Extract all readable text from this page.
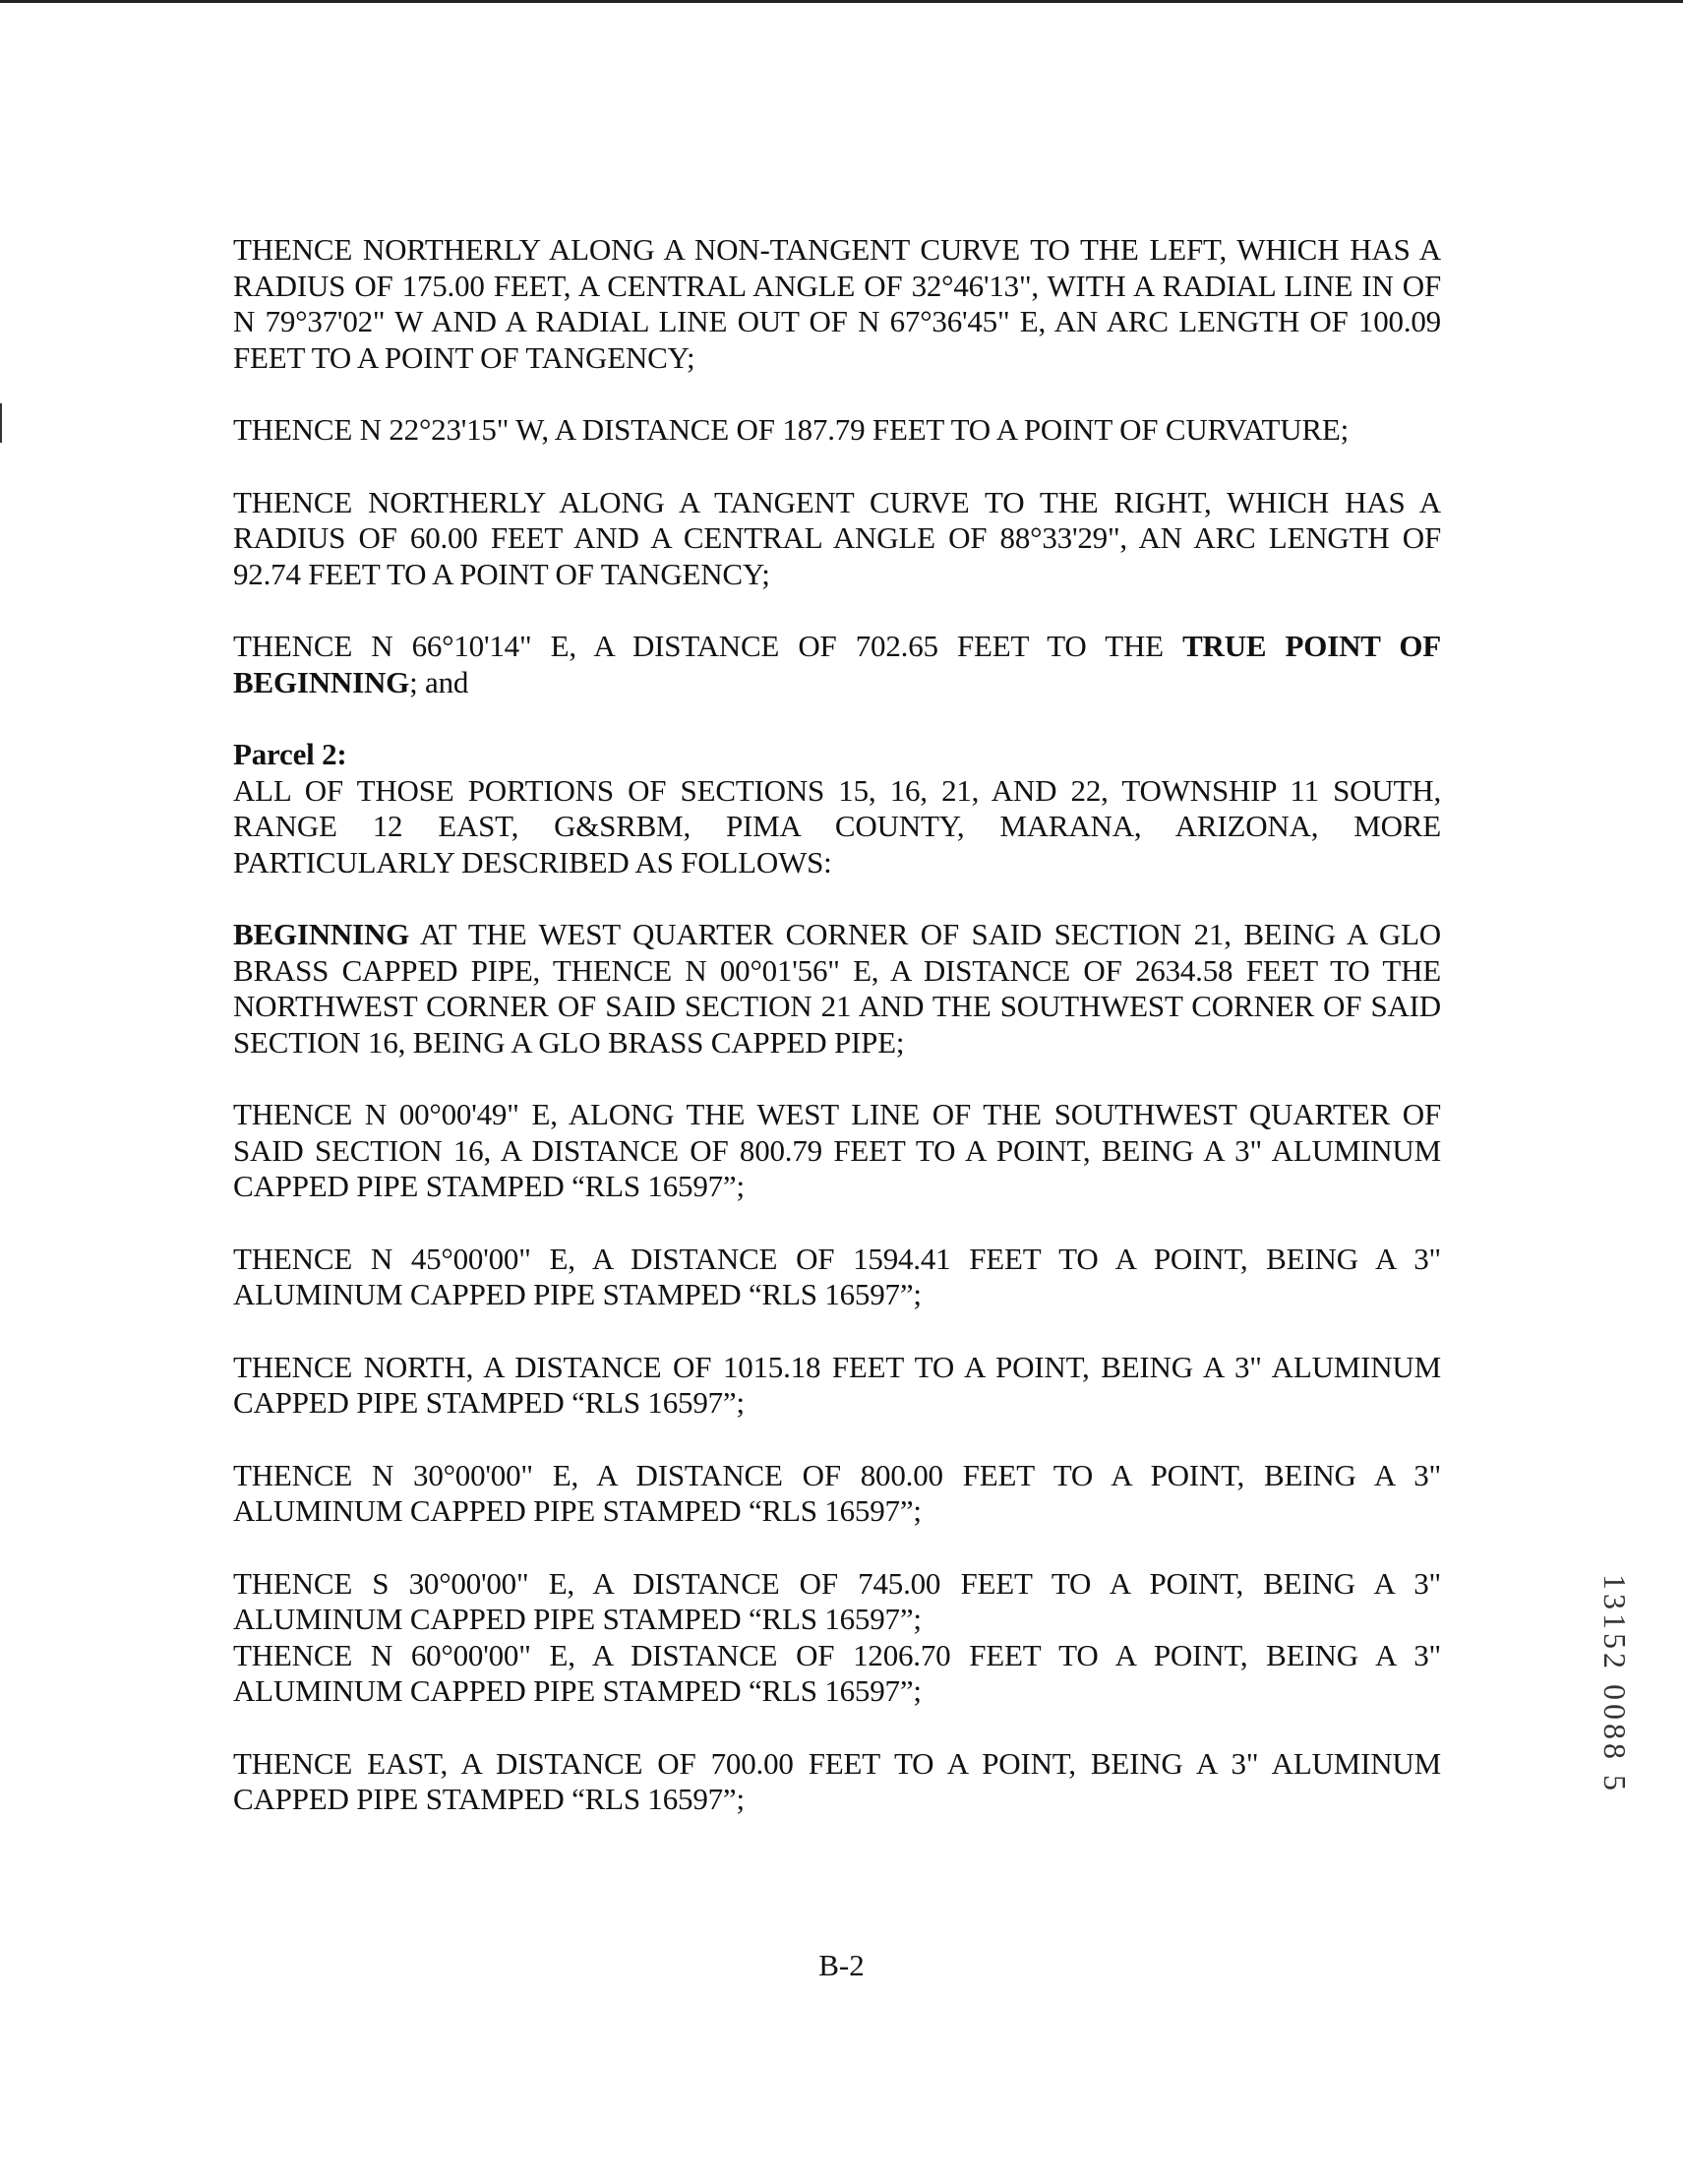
THENCE NORTHERLY ALONG A NON-TANGENT CURVE TO THE LEFT, WHICH HAS A RADIUS OF 175.00 FEET, A CENTRAL ANGLE OF 32°46'13", WITH A RADIAL LINE IN OF N 79°37'02" W AND A RADIAL LINE OUT OF N 67°36'45" E, AN ARC LENGTH OF 100.09 FEET TO A POINT OF TANGENCY;

THENCE N 22°23'15" W, A DISTANCE OF 187.79 FEET TO A POINT OF CURVATURE;

THENCE NORTHERLY ALONG A TANGENT CURVE TO THE RIGHT, WHICH HAS A RADIUS OF 60.00 FEET AND A CENTRAL ANGLE OF 88°33'29", AN ARC LENGTH OF 92.74 FEET TO A POINT OF TANGENCY;

THENCE N 66°10'14" E, A DISTANCE OF 702.65 FEET TO THE TRUE POINT OF BEGINNING; and

Parcel 2:

ALL OF THOSE PORTIONS OF SECTIONS 15, 16, 21, AND 22, TOWNSHIP 11 SOUTH, RANGE 12 EAST, G&SRBM, PIMA COUNTY, MARANA, ARIZONA, MORE PARTICULARLY DESCRIBED AS FOLLOWS:

BEGINNING AT THE WEST QUARTER CORNER OF SAID SECTION 21, BEING A GLO BRASS CAPPED PIPE, THENCE N 00°01'56" E, A DISTANCE OF 2634.58 FEET TO THE NORTHWEST CORNER OF SAID SECTION 21 AND THE SOUTHWEST CORNER OF SAID SECTION 16, BEING A GLO BRASS CAPPED PIPE;

THENCE N 00°00'49" E, ALONG THE WEST LINE OF THE SOUTHWEST QUARTER OF SAID SECTION 16, A DISTANCE OF 800.79 FEET TO A POINT, BEING A 3" ALUMINUM CAPPED PIPE STAMPED “RLS 16597”;

THENCE N 45°00'00" E, A DISTANCE OF 1594.41 FEET TO A POINT, BEING A 3" ALUMINUM CAPPED PIPE STAMPED “RLS 16597”;

THENCE NORTH, A DISTANCE OF 1015.18 FEET TO A POINT, BEING A 3" ALUMINUM CAPPED PIPE STAMPED “RLS 16597”;

THENCE N 30°00'00" E, A DISTANCE OF 800.00 FEET TO A POINT, BEING A 3" ALUMINUM CAPPED PIPE STAMPED “RLS 16597”;

THENCE S 30°00'00" E, A DISTANCE OF 745.00 FEET TO A POINT, BEING A 3" ALUMINUM CAPPED PIPE STAMPED “RLS 16597”;

THENCE N 60°00'00" E, A DISTANCE OF 1206.70 FEET TO A POINT, BEING A 3" ALUMINUM CAPPED PIPE STAMPED “RLS 16597”;

THENCE EAST, A DISTANCE OF 700.00 FEET TO A POINT, BEING A 3" ALUMINUM CAPPED PIPE STAMPED “RLS 16597”;

B-2
13152 0088 5
